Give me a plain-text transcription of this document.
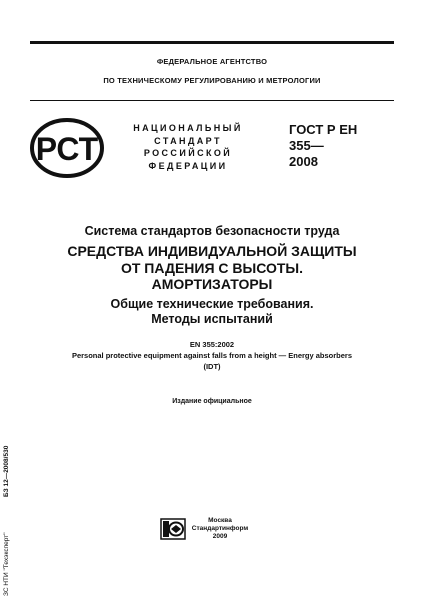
ФЕДЕРАЛЬНОЕ АГЕНТСТВО
ПО ТЕХНИЧЕСКОМУ РЕГУЛИРОВАНИЮ И МЕТРОЛОГИИ
РСТ
НАЦИОНАЛЬНЫЙ
СТАНДАРТ
РОССИЙСКОЙ
ФЕДЕРАЦИИ
ГОСТ Р ЕН
355—
2008
Система стандартов безопасности труда
СРЕДСТВА ИНДИВИДУАЛЬНОЙ ЗАЩИТЫ
ОТ ПАДЕНИЯ С ВЫСОТЫ.
АМОРТИЗАТОРЫ
Общие технические требования.
Методы испытаний
EN 355:2002
Personal protective equipment against falls from a height — Energy absorbers
(IDT)
Издание официальное
БЗ 12—2008/530
ЗС НТИ "Техэксперт"
Москва
Стандартинформ
2009
